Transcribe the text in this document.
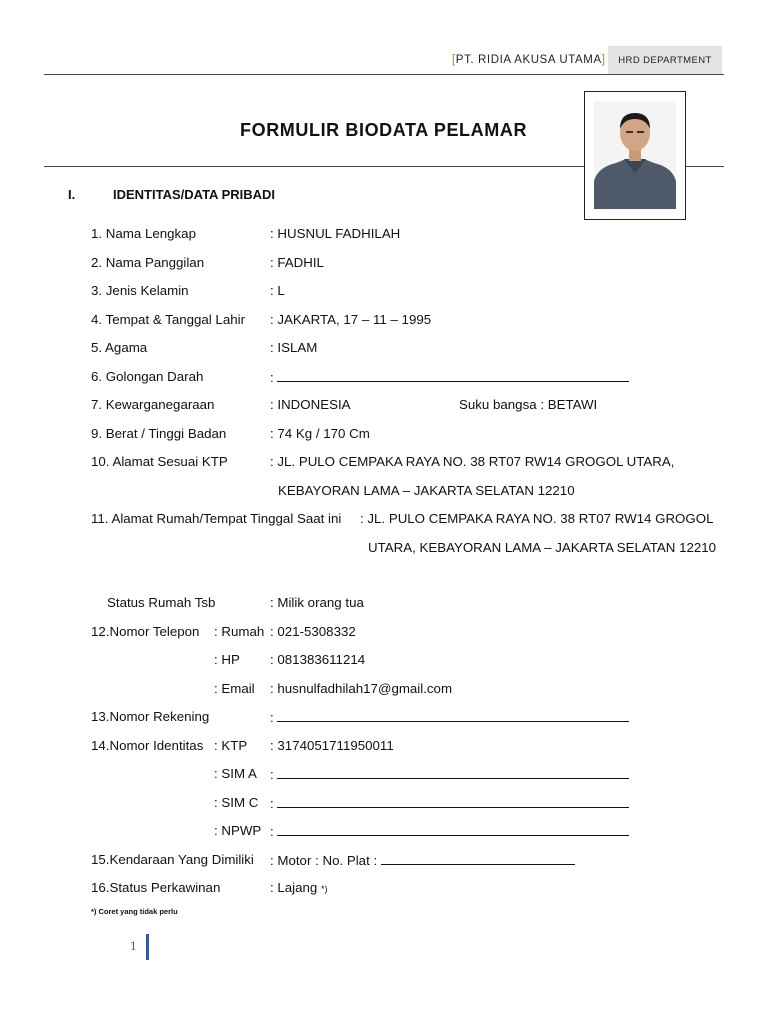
[PT. RIDIA AKUSA UTAMA] HRD DEPARTMENT
FORMULIR BIODATA PELAMAR
I.	IDENTITAS/DATA PRIBADI
1. Nama Lengkap	: HUSNUL FADHILAH
2. Nama Panggilan	: FADHIL
3. Jenis Kelamin	: L
4. Tempat & Tanggal Lahir : JAKARTA, 17 – 11 – 1995
5. Agama	: ISLAM
6. Golongan Darah	:
7. Kewarganegaraan	: INDONESIA	Suku bangsa : BETAWI
9. Berat / Tinggi Badan	: 74 Kg / 170 Cm
10. Alamat Sesuai KTP	: JL. PULO CEMPAKA RAYA NO. 38 RT07 RW14 GROGOL UTARA,
KEBAYORAN LAMA – JAKARTA SELATAN 12210
11. Alamat Rumah/Tempat Tinggal Saat ini : JL. PULO CEMPAKA RAYA NO. 38 RT07 RW14 GROGOL
UTARA, KEBAYORAN LAMA – JAKARTA SELATAN 12210
Status Rumah Tsb	: Milik orang tua
12.Nomor Telepon : Rumah : 021-5308332
: HP : 081383611214
: Email : husnulfadhilah17@gmail.com
13.Nomor Rekening	:
14.Nomor Identitas : KTP : 3174051711950011
: SIM A :
: SIM C :
: NPWP :
15.Kendaraan Yang Dimiliki : Motor : No. Plat :
16.Status Perkawinan	: Lajang *)
*) Coret yang tidak perlu
1
